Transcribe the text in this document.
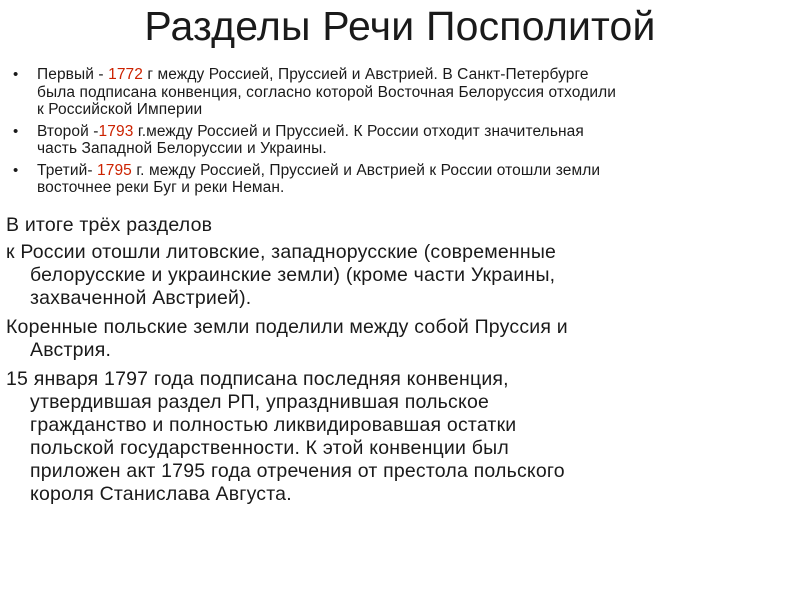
Разделы Речи Посполитой
• Первый - 1772 г между Россией, Пруссией и Австрией. В Санкт-Петербурге
была подписана конвенция, согласно которой Восточная Белоруссия отходили
к Российской Империи
• Второй -1793 г.между Россией и Пруссией. К России отходит значительная
часть Западной Белоруссии и Украины.
• Третий- 1795 г. между Россией, Пруссией и Австрией к России отошли земли
восточнее реки Буг и реки Неман.
В итоге трёх разделов
к России отошли литовские, западнорусские (современные
белорусские и украинские земли) (кроме части Украины,
захваченной Австрией).
Коренные польские земли поделили между собой Пруссия и
Австрия.
15 января 1797 года подписана последняя конвенция,
утвердившая раздел РП, упразднившая польское
гражданство и полностью ликвидировавшая остатки
польской государственности. К этой конвенции был
приложен акт 1795 года отречения от престола польского
короля Станислава Августа.
